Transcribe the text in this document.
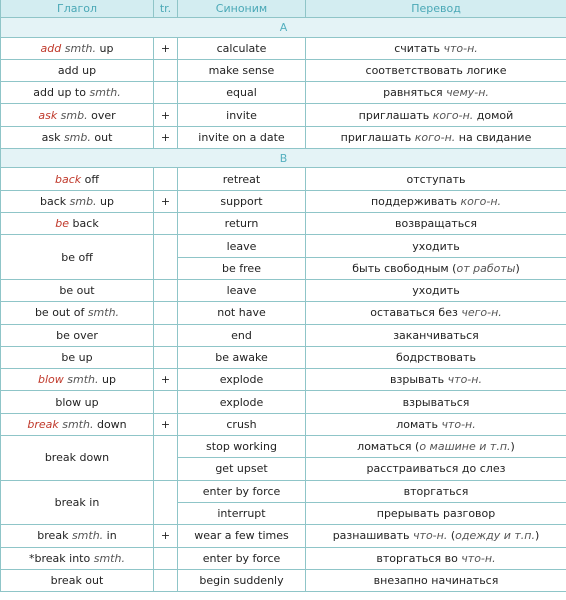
Глагол	tr.	Синоним	Перевод
A			
add smth. up	+	calculate	считать что-н.
add up		make sense	соответствовать логике
add up to smth.		equal	равняться чему-н.
ask smb. over	+	invite	приглашать кого-н. домой
ask smb. out	+	invite on a date	приглашать кого-н. на свидание
B			
back off		retreat	отступать
back smb. up	+	support	поддерживать кого-н.
be back		return	возвращаться
be off		leave	уходить
		be free	быть свободным (от работы)
be out		leave	уходить
be out of smth.		not have	оставаться без чего-н.
be over		end	заканчиваться
be up		be awake	бодрствовать
blow smth. up	+	explode	взрывать что-н.
blow up		explode	взрываться
break smth. down	+	crush	ломать что-н.
break down		stop working	ломаться (о машине и т.п.)
		get upset	расстраиваться до слез
break in		enter by force	вторгаться
		interrupt	прерывать разговор
break smth. in	+	wear a few times	разнашивать что-н. (одежду и т.п.)
*break into smth.		enter by force	вторгаться во что-н.
break out		begin suddenly	внезапно начинаться
